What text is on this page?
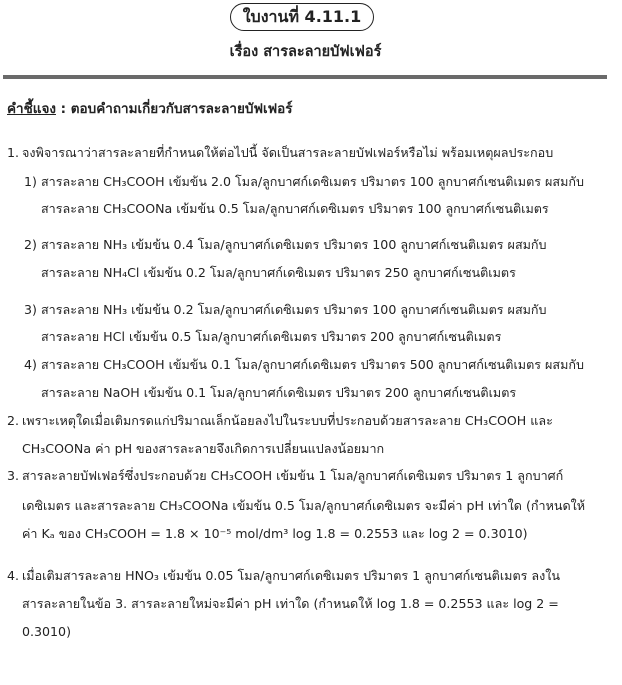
ใบงานที่ 4.11.1
เรื่อง สารละลายบัฟเฟอร์
คำชี้แจง : ตอบคำถามเกี่ยวกับสารละลายบัฟเฟอร์
1. จงพิจารณาว่าสารละลายที่กำหนดให้ต่อไปนี้ จัดเป็นสารละลายบัฟเฟอร์หรือไม่ พร้อมเหตุผลประกอบ
1) สารละลาย CH₃COOH เข้มข้น 2.0 โมล/ลูกบาศก์เดซิเมตร ปริมาตร 100 ลูกบาศก์เซนติเมตร ผสมกับ
สารละลาย CH₃COONa เข้มข้น 0.5 โมล/ลูกบาศก์เดซิเมตร ปริมาตร 100 ลูกบาศก์เซนติเมตร
2) สารละลาย NH₃ เข้มข้น 0.4 โมล/ลูกบาศก์เดซิเมตร ปริมาตร 100 ลูกบาศก์เซนติเมตร ผสมกับ
สารละลาย NH₄Cl เข้มข้น 0.2 โมล/ลูกบาศก์เดซิเมตร ปริมาตร 250 ลูกบาศก์เซนติเมตร
3) สารละลาย NH₃ เข้มข้น 0.2 โมล/ลูกบาศก์เดซิเมตร ปริมาตร 100 ลูกบาศก์เซนติเมตร ผสมกับ
สารละลาย HCl เข้มข้น 0.5 โมล/ลูกบาศก์เดซิเมตร ปริมาตร 200 ลูกบาศก์เซนติเมตร
4) สารละลาย CH₃COOH เข้มข้น 0.1 โมล/ลูกบาศก์เดซิเมตร ปริมาตร 500 ลูกบาศก์เซนติเมตร ผสมกับ
สารละลาย NaOH เข้มข้น 0.1 โมล/ลูกบาศก์เดซิเมตร ปริมาตร 200 ลูกบาศก์เซนติเมตร
2. เพราะเหตุใดเมื่อเติมกรดแก่ปริมาณเล็กน้อยลงไปในระบบที่ประกอบด้วยสารละลาย CH₃COOH และ
CH₃COONa ค่า pH ของสารละลายจึงเกิดการเปลี่ยนแปลงน้อยมาก
3. สารละลายบัฟเฟอร์ซึ่งประกอบด้วย CH₃COOH เข้มข้น 1 โมล/ลูกบาศก์เดซิเมตร ปริมาตร 1 ลูกบาศก์
เดซิเมตร และสารละลาย CH₃COONa เข้มข้น 0.5 โมล/ลูกบาศก์เดซิเมตร จะมีค่า pH เท่าใด (กำหนดให้
ค่า Kₐ ของ CH₃COOH = 1.8 × 10⁻⁵ mol/dm³ log 1.8 = 0.2553 และ log 2 = 0.3010)
4. เมื่อเติมสารละลาย HNO₃ เข้มข้น 0.05 โมล/ลูกบาศก์เดซิเมตร ปริมาตร 1 ลูกบาศก์เซนติเมตร ลงใน
สารละลายในข้อ 3. สารละลายใหม่จะมีค่า pH เท่าใด (กำหนดให้ log 1.8 = 0.2553 และ log 2 =
0.3010)
